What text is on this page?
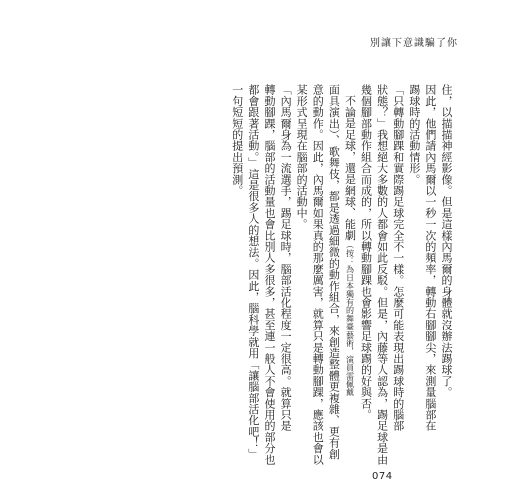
別讓下意識騙了你
住，以描描神經影像。但是這樣內馬爾的身體就沒辦法踢球了。
因此，他們請內馬爾以一秒一次的頻率，轉動右腳腳尖，來測量腦部在
踢球時的活動情形。
「只轉動腳踝和實際踢足球完全不一樣。怎麼可能表現出踢球時的腦部
狀態？」我想絕大多數的人都會如此反駁。但是，內藤等人認為，踢足球是由
幾個腳部動作組合而成的，所以轉動腳踝也會影響足球踢的好與否。
不論是足球，還是網球、能劇（按：為日本獨有的舞臺藝術，演員需佩戴
面具演出）、歌舞伎，都是透過細微的動作組合，來創造整體更複雜、更有創
意的動作。因此，內馬爾如果真的那麼厲害，就算只是轉動腳踝，應該也會以
某形式呈現在腦部的活動中。
「內馬爾身為一流選手，踢足球時，腦部活化程度一定很高。就算只是
轉動腳踝，腦部的活動量也會比別人多很多，甚至連一般人不會使用的部分也
都會跟著活動。」這是很多人的想法。因此，腦科學就用「讓腦部活化吧！」
一句短短的提出預測。
074
